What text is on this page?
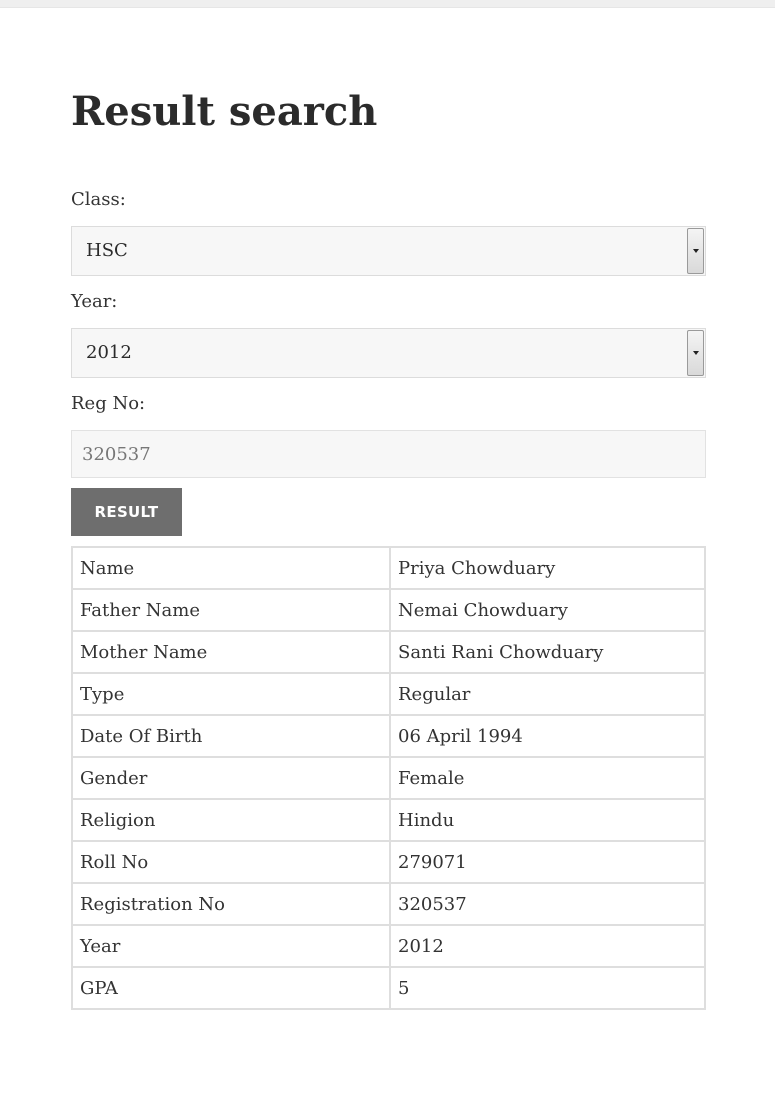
Result search
Class:
HSC
Year:
2012
Reg No:
320537
RESULT
Name	Priya Chowduary
Father Name	Nemai Chowduary
Mother Name	Santi Rani Chowduary
Type	Regular
Date Of Birth	06 April 1994
Gender	Female
Religion	Hindu
Roll No	279071
Registration No	320537
Year	2012
GPA	5
